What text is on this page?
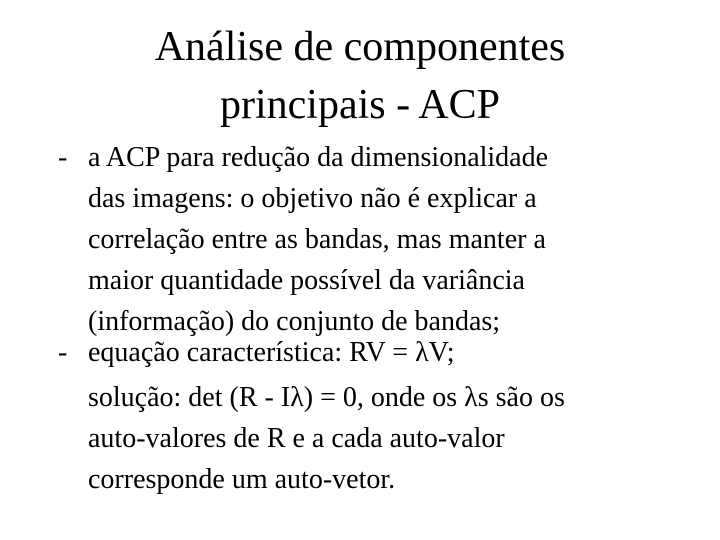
Análise de componentes
principais - ACP
- a ACP para redução da dimensionalidade
das imagens: o objetivo não é explicar a
correlação entre as bandas, mas manter a
maior quantidade possível da variância
(informação) do conjunto de bandas;
- equação característica: RV = λV;
solução: det (R - Iλ) = 0, onde os λs são os
auto-valores de R e a cada auto-valor
corresponde um auto-vetor.
